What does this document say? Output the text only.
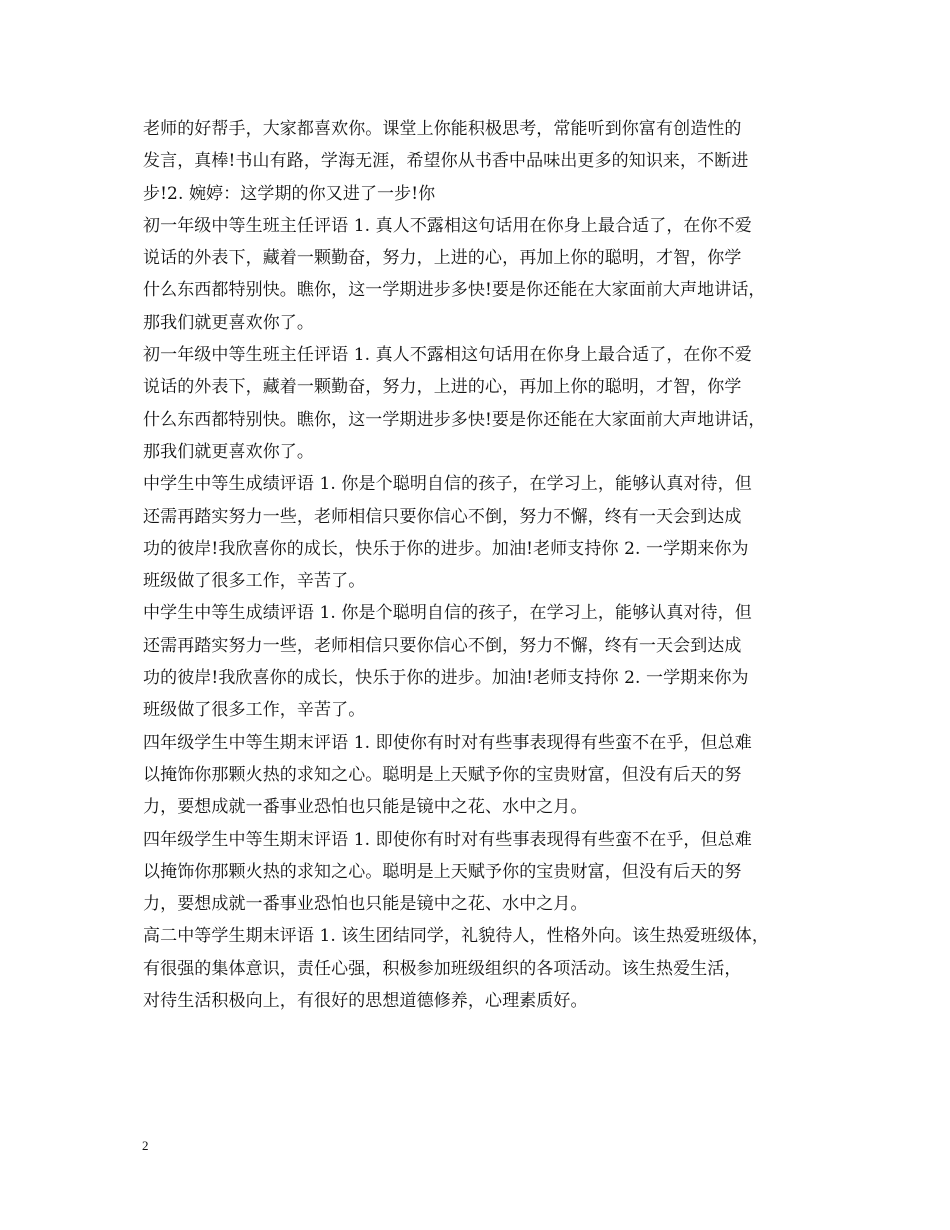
老师的好帮手，大家都喜欢你。课堂上你能积极思考，常能听到你富有创造性的
发言，真棒!书山有路，学海无涯，希望你从书香中品味出更多的知识来，不断进
步!2. 婉婷：这学期的你又进了一步!你
初一年级中等生班主任评语 1. 真人不露相这句话用在你身上最合适了，在你不爱
说话的外表下，藏着一颗勤奋，努力，上进的心，再加上你的聪明，才智，你学
什么东西都特别快。瞧你，这一学期进步多快!要是你还能在大家面前大声地讲话，
那我们就更喜欢你了。
初一年级中等生班主任评语 1. 真人不露相这句话用在你身上最合适了，在你不爱
说话的外表下，藏着一颗勤奋，努力，上进的心，再加上你的聪明，才智，你学
什么东西都特别快。瞧你，这一学期进步多快!要是你还能在大家面前大声地讲话，
那我们就更喜欢你了。
中学生中等生成绩评语 1. 你是个聪明自信的孩子，在学习上，能够认真对待，但
还需再踏实努力一些，老师相信只要你信心不倒，努力不懈，终有一天会到达成
功的彼岸!我欣喜你的成长，快乐于你的进步。加油!老师支持你 2. 一学期来你为
班级做了很多工作，辛苦了。
中学生中等生成绩评语 1. 你是个聪明自信的孩子，在学习上，能够认真对待，但
还需再踏实努力一些，老师相信只要你信心不倒，努力不懈，终有一天会到达成
功的彼岸!我欣喜你的成长，快乐于你的进步。加油!老师支持你 2. 一学期来你为
班级做了很多工作，辛苦了。
四年级学生中等生期末评语 1. 即使你有时对有些事表现得有些蛮不在乎，但总难
以掩饰你那颗火热的求知之心。聪明是上天赋予你的宝贵财富，但没有后天的努
力，要想成就一番事业恐怕也只能是镜中之花、水中之月。
四年级学生中等生期末评语 1. 即使你有时对有些事表现得有些蛮不在乎，但总难
以掩饰你那颗火热的求知之心。聪明是上天赋予你的宝贵财富，但没有后天的努
力，要想成就一番事业恐怕也只能是镜中之花、水中之月。
高二中等学生期末评语 1. 该生团结同学，礼貌待人，性格外向。该生热爱班级体，
有很强的集体意识，责任心强，积极参加班级组织的各项活动。该生热爱生活，
对待生活积极向上，有很好的思想道德修养，心理素质好。
2
